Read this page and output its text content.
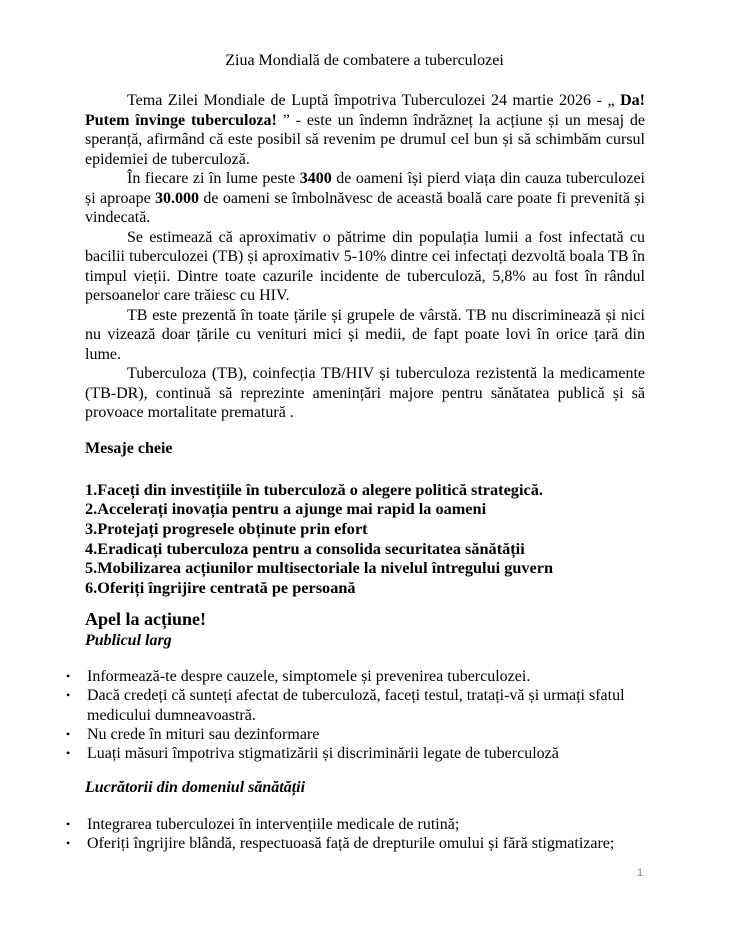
Ziua Mondială de combatere a tuberculozei

Tema Zilei Mondiale de Luptă împotriva Tuberculozei 24 martie 2026 - „ Da! Putem învinge tuberculoza! ” - este un îndemn îndrăzneț la acțiune și un mesaj de speranță, afirmând că este posibil să revenim pe drumul cel bun și să schimbăm cursul epidemiei de tuberculoză.

În fiecare zi în lume peste 3400 de oameni își pierd viața din cauza tuberculozei și aproape 30.000 de oameni se îmbolnăvesc de această boală care poate fi prevenită și vindecată.

Se estimează că aproximativ o pătrime din populația lumii a fost infectată cu bacilii tuberculozei (TB) și aproximativ 5-10% dintre cei infectați dezvoltă boala TB în timpul vieții. Dintre toate cazurile incidente de tuberculoză, 5,8% au fost în rândul persoanelor care trăiesc cu HIV.

TB este prezentă în toate țările și grupele de vârstă. TB nu discriminează și nici nu vizează doar țările cu venituri mici și medii, de fapt poate lovi în orice țară din lume.

Tuberculoza (TB), coinfecția TB/HIV și tuberculoza rezistentă la medicamente (TB-DR), continuă să reprezinte amenințări majore pentru sănătatea publică și să provoace mortalitate prematură .

Mesaje cheie

1.Faceți din investițiile în tuberculoză o alegere politică strategică.

2.Accelerați inovația pentru a ajunge mai rapid la oameni

3.Protejați progresele obținute prin efort

4.Eradicați tuberculoza pentru a consolida securitatea sănătății

5.Mobilizarea acțiunilor multisectoriale la nivelul întregului guvern

6.Oferiți îngrijire centrată pe persoană

Apel la acțiune!
Publicul larg
• Informează-te despre cauzele, simptomele și prevenirea tuberculozei.
• Dacă credeți că sunteți afectat de tuberculoză, faceți testul, tratați-vă și urmați sfatul medicului dumneavoastră.
• Nu crede în mituri sau dezinformare
• Luați măsuri împotriva stigmatizării și discriminării legate de tuberculoză
Lucrătorii din domeniul sănătății
• Integrarea tuberculozei în intervențiile medicale de rutină;
• Oferiți îngrijire blândă, respectuoasă față de drepturile omului și fără stigmatizare;
1
